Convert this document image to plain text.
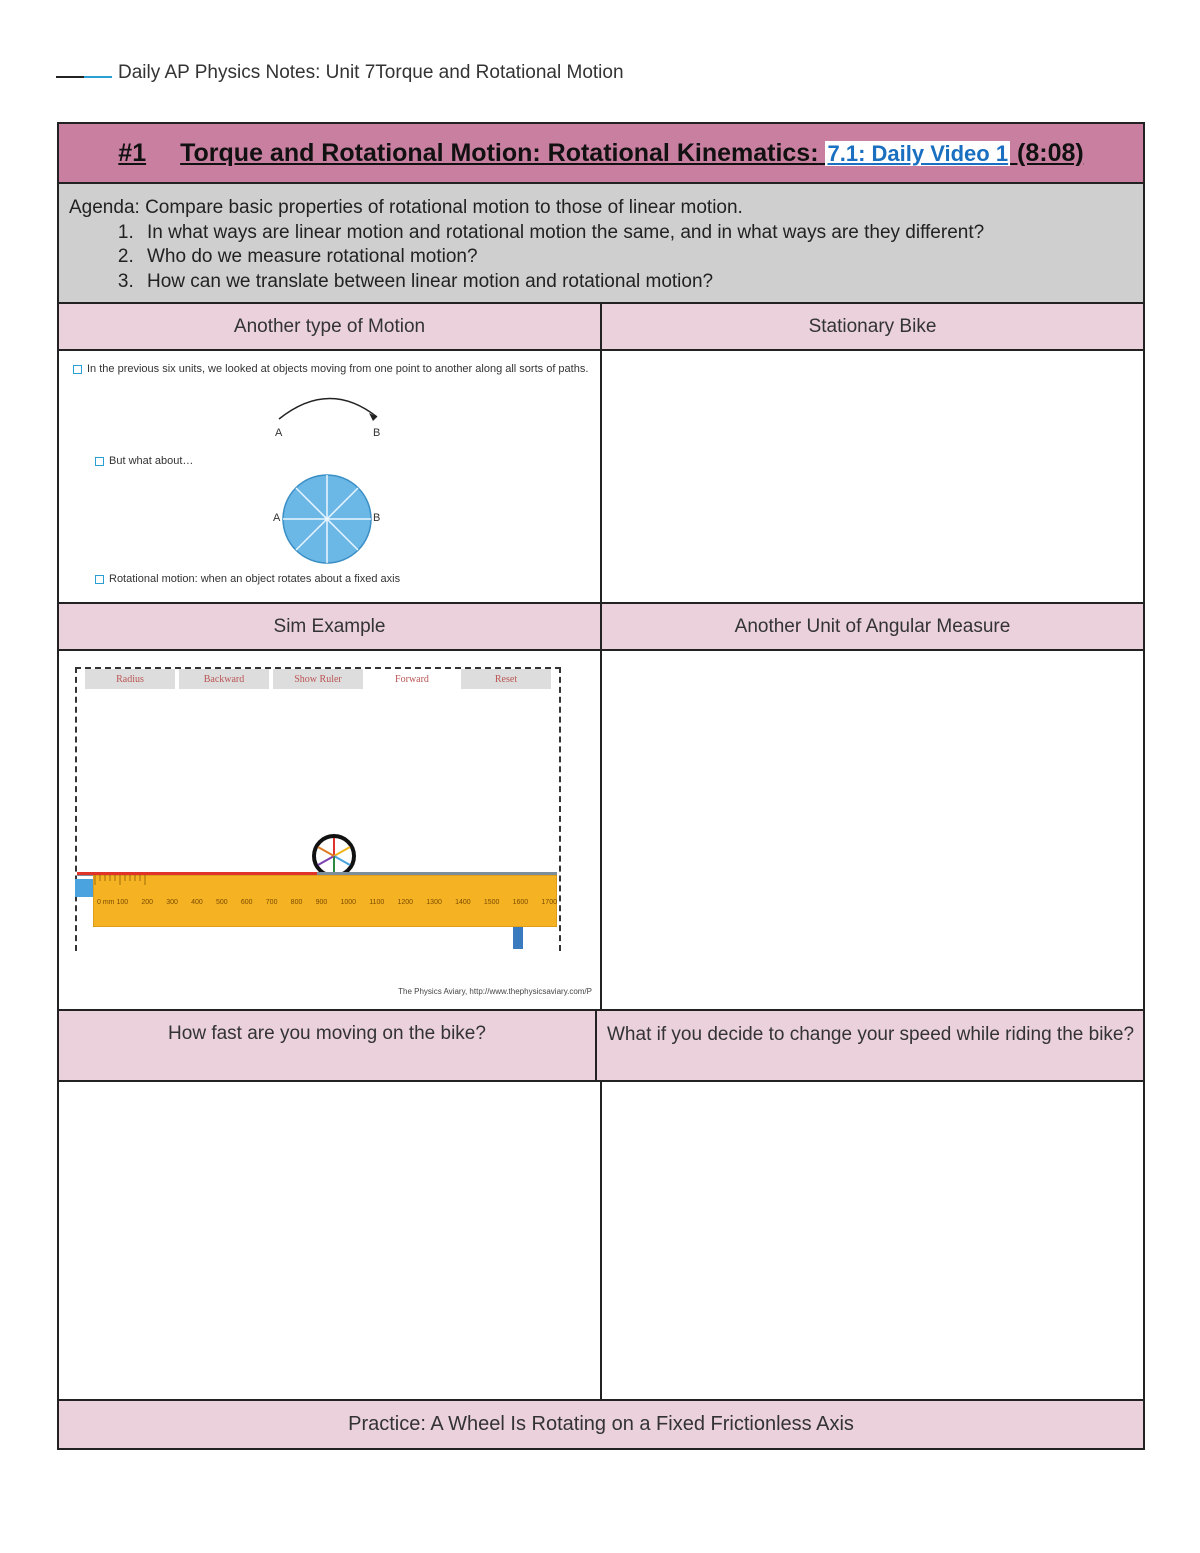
Daily AP Physics Notes: Unit 7Torque and Rotational Motion
#1 Torque and Rotational Motion: Rotational Kinematics: 7.1: Daily Video 1 (8:08)
Agenda: Compare basic properties of rotational motion to those of linear motion.
1. In what ways are linear motion and rotational motion the same, and in what ways are they different?
2. Who do we measure rotational motion?
3. How can we translate between linear motion and rotational motion?
Another type of Motion	Stationary Bike
In the previous six units, we looked at objects moving from one point to another along all sorts of paths.
A	B
But what about…
A	B
Rotational motion: when an object rotates about a fixed axis
Sim Example	Another Unit of Angular Measure
Radius	Backward	Show Ruler	Forward	Reset
0 mm 100 200 300 400 500 600 700 800 900 1000 1100 1200 1300 1400 1500 1600 1700
The Physics Aviary, http://www.thephysicsaviary.com/P
How fast are you moving on the bike?	What if you decide to change your speed while riding the bike?
Practice: A Wheel Is Rotating on a Fixed Frictionless Axis
